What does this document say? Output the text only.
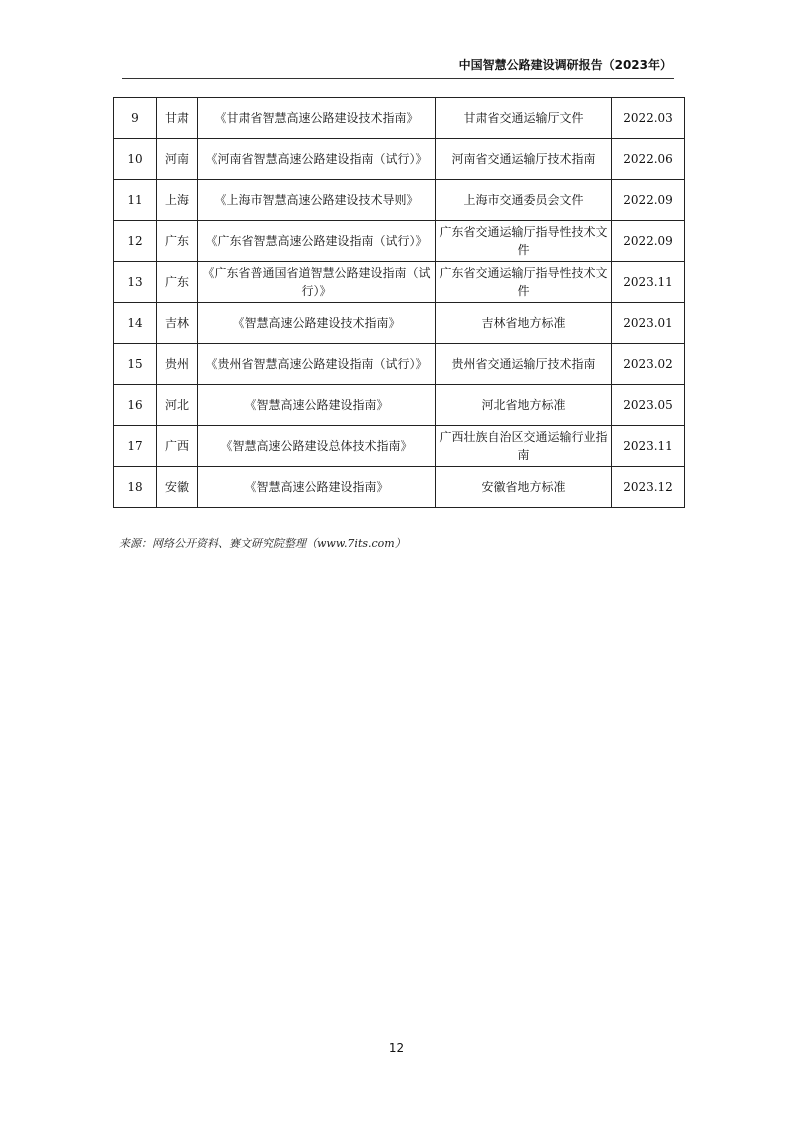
中国智慧公路建设调研报告（2023年）
9	甘肃	《甘肃省智慧高速公路建设技术指南》	甘肃省交通运输厅文件	2022.03
10	河南	《河南省智慧高速公路建设指南（试行）》	河南省交通运输厅技术指南	2022.06
11	上海	《上海市智慧高速公路建设技术导则》	上海市交通委员会文件	2022.09
12	广东	《广东省智慧高速公路建设指南（试行）》	广东省交通运输厅指导性技术文件	2022.09
13	广东	《广东省普通国省道智慧公路建设指南（试行）》	广东省交通运输厅指导性技术文件	2023.11
14	吉林	《智慧高速公路建设技术指南》	吉林省地方标准	2023.01
15	贵州	《贵州省智慧高速公路建设指南（试行）》	贵州省交通运输厅技术指南	2023.02
16	河北	《智慧高速公路建设指南》	河北省地方标准	2023.05
17	广西	《智慧高速公路建设总体技术指南》	广西壮族自治区交通运输行业指南	2023.11
18	安徽	《智慧高速公路建设指南》	安徽省地方标准	2023.12
来源：网络公开资料、赛文研究院整理（www.7its.com）
12
